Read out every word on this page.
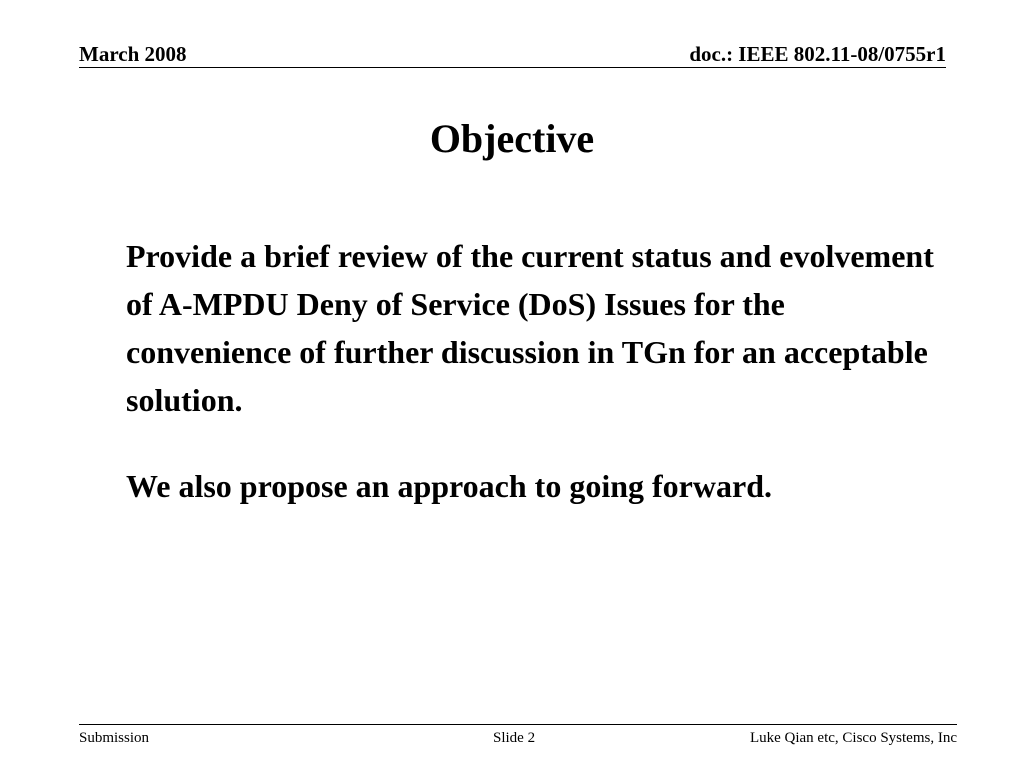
March 2008	doc.: IEEE 802.11-08/0755r1
Objective

Provide a brief review of the current status and evolvement of A-MPDU Deny of Service (DoS) Issues for the convenience of further discussion in TGn for an acceptable solution.

We also propose an approach to going forward.

Submission	Slide 2	Luke Qian etc, Cisco Systems, Inc
